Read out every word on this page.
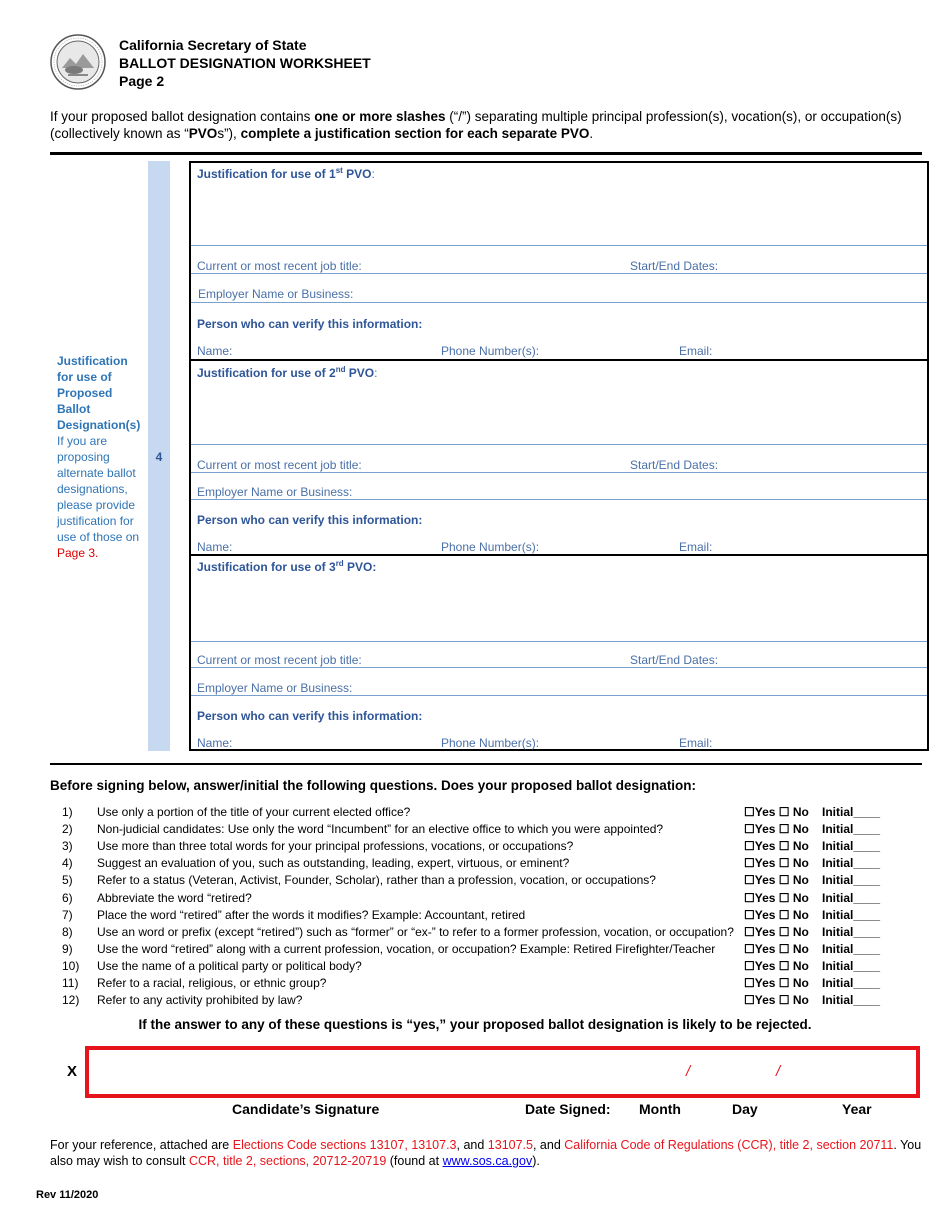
California Secretary of State
BALLOT DESIGNATION WORKSHEET
Page 2
If your proposed ballot designation contains one or more slashes (“/”) separating multiple principal profession(s), vocation(s), or occupation(s) (collectively known as “PVOs”), complete a justification section for each separate PVO.
Justification for use of Proposed Ballot Designation(s)
If you are proposing alternate ballot designations, please provide justification for use of those on Page 3.
4
Justification for use of 1st PVO:
Current or most recent job title:	Start/End Dates:
Employer Name or Business:
Person who can verify this information:
Name:	Phone Number(s):	Email:
Justification for use of 2nd PVO:
Current or most recent job title:	Start/End Dates:
Employer Name or Business:
Person who can verify this information:
Name:	Phone Number(s):	Email:
Justification for use of 3rd PVO:
Current or most recent job title:	Start/End Dates:
Employer Name or Business:
Person who can verify this information:
Name:	Phone Number(s):	Email:
Before signing below, answer/initial the following questions. Does your proposed ballot designation:
1) Use only a portion of the title of your current elected office?	☐Yes ☐ No Initial____
2) Non-judicial candidates: Use only the word “Incumbent” for an elective office to which you were appointed?	☐Yes ☐ No Initial____
3) Use more than three total words for your principal professions, vocations, or occupations?	☐Yes ☐ No Initial____
4) Suggest an evaluation of you, such as outstanding, leading, expert, virtuous, or eminent?	☐Yes ☐ No Initial____
5) Refer to a status (Veteran, Activist, Founder, Scholar), rather than a profession, vocation, or occupations?	☐Yes ☐ No Initial____
6) Abbreviate the word “retired?	☐Yes ☐ No Initial____
7) Place the word “retired” after the words it modifies? Example: Accountant, retired	☐Yes ☐ No Initial____
8) Use an word or prefix (except “retired”) such as “former” or “ex-” to refer to a former profession, vocation, or occupation? ☐Yes ☐ No Initial____
9) Use the word “retired” along with a current profession, vocation, or occupation? Example: Retired Firefighter/Teacher ☐Yes ☐ No Initial____
10) Use the name of a political party or political body?	☐Yes ☐ No Initial____
11) Refer to a racial, religious, or ethnic group?	☐Yes ☐ No Initial____
12) Refer to any activity prohibited by law?	☐Yes ☐ No Initial____
If the answer to any of these questions is “yes,” your proposed ballot designation is likely to be rejected.
X	/	/
Candidate’s Signature	Date Signed: Month	Day	Year
For your reference, attached are Elections Code sections 13107, 13107.3, and 13107.5, and California Code of Regulations (CCR), title 2, section 20711. You also may wish to consult CCR, title 2, sections, 20712-20719 (found at www.sos.ca.gov).
Rev 11/2020
